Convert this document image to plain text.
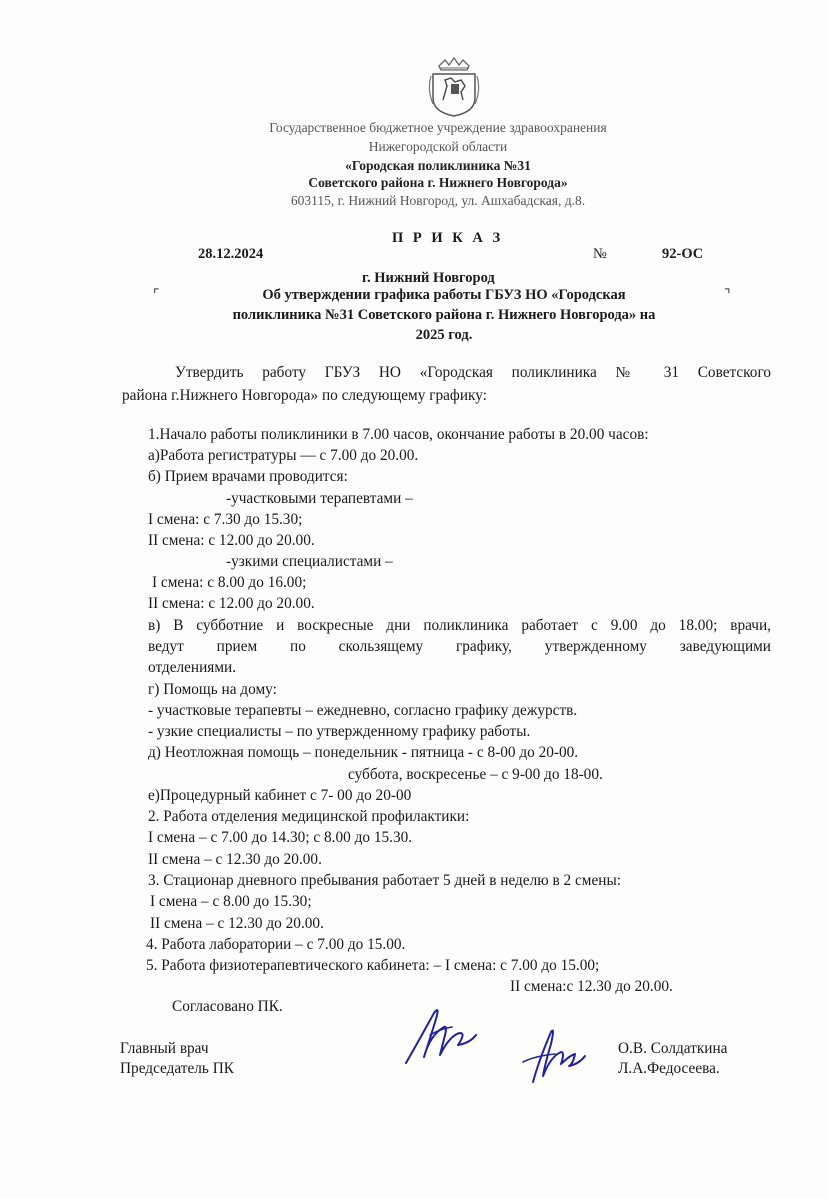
Государственное бюджетное учреждение здравоохранения
Нижегородской области
«Городская поликлиника №31
Советского района г. Нижнего Новгорода»
603115, г. Нижний Новгород, ул. Ашхабадская, д.8.
П Р И К А З
28.12.2024	№	92-ОС
г. Нижний Новгород
⌜	⌝
Об утверждении графика работы ГБУЗ НО «Городская
поликлиника №31 Советского района г. Нижнего Новгорода» на
2025 год.
Утвердить работу ГБУЗ НО «Городская поликлиника № 31 Советского
района г.Нижнего Новгорода» по следующему графику:
1.Начало работы поликлиники в 7.00 часов, окончание работы в 20.00 часов:
а)Работа регистратуры — с 7.00 до 20.00.
б) Прием врачами проводится:
-участковыми терапевтами –
I смена: с 7.30 до 15.30;
II смена: с 12.00 до 20.00.
-узкими специалистами –
I смена: с 8.00 до 16.00;
II смена: с 12.00 до 20.00.
в) В субботние и воскресные дни поликлиника работает с 9.00 до 18.00; врачи,
ведут прием по скользящему графику, утвержденному заведующими
отделениями.
г) Помощь на дому:
- участковые терапевты – ежедневно, согласно графику дежурств.
- узкие специалисты – по утвержденному графику работы.
д) Неотложная помощь – понедельник - пятница - с 8-00 до 20-00.
суббота, воскресенье – с 9-00 до 18-00.
е)Процедурный кабинет с 7- 00 до 20-00
2. Работа отделения медицинской профилактики:
I смена – с 7.00 до 14.30; с 8.00 до 15.30.
II смена – с 12.30 до 20.00.
3. Стационар дневного пребывания работает 5 дней в неделю в 2 смены:
I смена – с 8.00 до 15.30;
II смена – с 12.30 до 20.00.
4. Работа лаборатории – с 7.00 до 15.00.
5. Работа физиотерапевтического кабинета: – I смена: с 7.00 до 15.00;
II смена:с 12.30 до 20.00.
Согласовано ПК.
Главный врач
Председатель ПК
О.В. Солдаткина
Л.А.Федосеева.
